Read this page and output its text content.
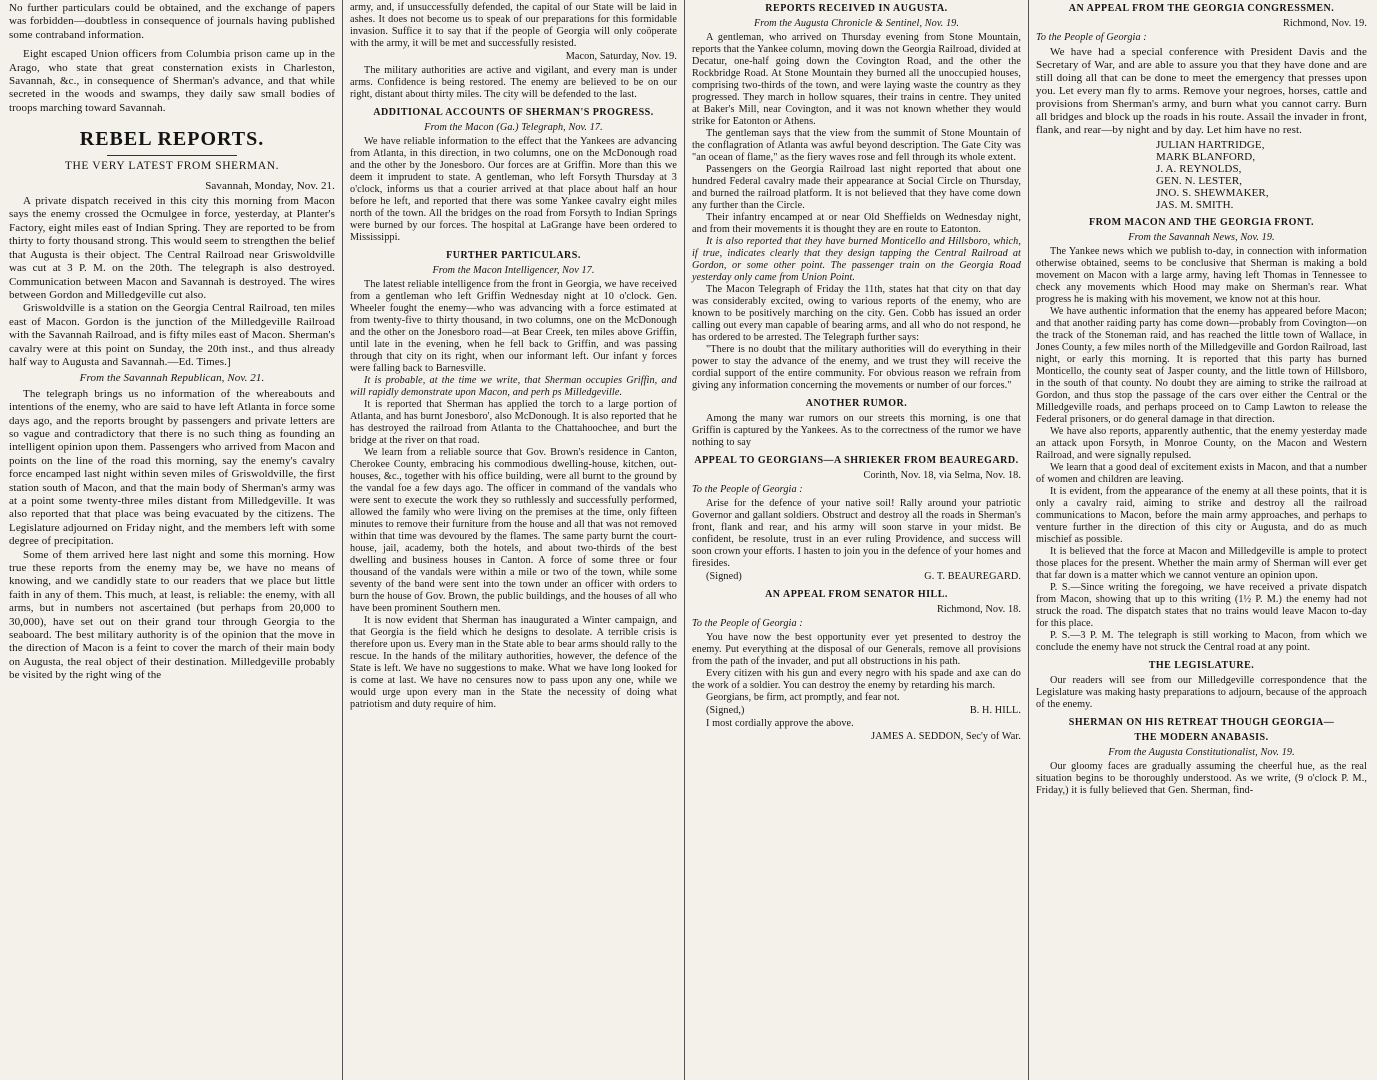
No further particulars could be obtained, and the exchange of papers was forbidden—doubtless in consequence of journals having published some contraband information.

Eight escaped Union officers from Columbia prison came up in the Arago, who state that great consternation exists in Charleston, Savannah, &c., in consequence of Sherman's advance, and that while secreted in the woods and swamps, they daily saw small bodies of troops marching toward Savannah.

REBEL REPORTS.
THE VERY LATEST FROM SHERMAN.
Savannah, Monday, Nov. 21.

A private dispatch received in this city this morning from Macon says the enemy crossed the Ocmulgee in force, yesterday, at Planter's Factory, eight miles east of Indian Spring. They are reported to be from thirty to forty thousand strong. This would seem to strengthen the belief that Augusta is their object. The Central Railroad near Griswoldville was cut at 3 P. M. on the 20th. The telegraph is also destroyed. Communication between Macon and Savannah is destroyed. The wires between Gordon and Milledgeville cut also.

Griswoldville is a station on the Georgia Central Railroad, ten miles east of Macon. Gordon is the junction of the Milledgeville Railroad with the Savannah Railroad, and is fifty miles east of Macon. Sherman's cavalry were at this point on Sunday, the 20th inst., and thus already half way to Augusta and Savannah.—Ed. Times.]

From the Savannah Republican, Nov. 21.

The telegraph brings us no information of the whereabouts and intentions of the enemy, who are said to have left Atlanta in force some days ago, and the reports brought by passengers and private letters are so vague and contradictory that there is no such thing as founding an intelligent opinion upon them. Passengers who arrived from Macon and points on the line of the road this morning, say the enemy's cavalry force encamped last night within seven miles of Griswoldville, the first station south of Macon, and that the main body of Sherman's army was at a point some twenty-three miles distant from Milledgeville. It was also reported that that place was being evacuated by the citizens. The Legislature adjourned on Friday night, and the members left with some degree of precipitation.

Some of them arrived here last night and some this morning. How true these reports from the enemy may be, we have no means of knowing, and we candidly state to our readers that we place but little faith in any of them. This much, at least, is reliable: the enemy, with all arms, but in numbers not ascertained (but perhaps from 20,000 to 30,000), have set out on their grand tour through Georgia to the seaboard. The best military authority is of the opinion that the move in the direction of Macon is a feint to cover the march of their main body on Augusta, the real object of their destination. Milledgeville probably be visited by the right wing of the

army, and, if unsuccessfully defended, the capital of our State will be laid in ashes. It does not become us to speak of our preparations for this formidable invasion. Suffice it to say that if the people of Georgia will only coöperate with the army, it will be met and successfully resisted.

Macon, Saturday, Nov. 19.

The military authorities are active and vigilant, and every man is under arms. Confidence is being restored. The enemy are believed to be on our right, distant about thirty miles. The city will be defended to the last.

ADDITIONAL ACCOUNTS OF SHERMAN'S PROGRESS.
From the Macon (Ga.) Telegraph, Nov. 17.

We have reliable information to the effect that the Yankees are advancing from Atlanta, in this direction, in two columns, one on the McDonough road and the other by the Jonesboro. Our forces are at Griffin. More than this we deem it imprudent to state. A gentleman, who left Forsyth Thursday at 3 o'clock, informs us that a courier arrived at that place about half an hour before he left, and reported that there was some Yankee cavalry eight miles north of the town. All the bridges on the road from Forsyth to Indian Springs were burned by our forces. The hospital at LaGrange have been ordered to Mississippi.

FURTHER PARTICULARS.
From the Macon Intelligencer, Nov 17.

The latest reliable intelligence from the front in Georgia, we have received from a gentleman who left Griffin Wednesday night at 10 o'clock. Gen. Wheeler fought the enemy—who was advancing with a force estimated at from twenty-five to thirty thousand, in two columns, one on the McDonough and the other on the Jonesboro road—at Bear Creek, ten miles above Griffin, until late in the evening, when he fell back to Griffin, and was passing through that city on its right, when our informant left. Our infant y forces were falling back to Barnesville.

It is probable, at the time we write, that Sherman occupies Griffin, and will rapidly demonstrate upon Macon, and perh ps Milledgeville.

It is reported that Sherman has applied the torch to a large portion of Atlanta, and has burnt Jonesboro', also McDonough. It is also reported that he has destroyed the railroad from Atlanta to the Chattahoochee, and burt the bridge at the river on that road.

We learn from a reliable source that Gov. Brown's residence in Canton, Cherokee County, embracing his commodious dwelling-house, kitchen, out-houses, &c., together with his office building, were all burnt to the ground by the vandal foe a few days ago. The officer in command of the vandals who were sent to execute the work they so ruthlessly and successfully performed, allowed the family who were living on the premises at the time, only fifteen minutes to remove their furniture from the house and all that was not removed within that time was devoured by the flames. The same party burnt the court-house, jail, academy, both the hotels, and about two-thirds of the best dwelling and business houses in Canton. A force of some three or four thousand of the vandals were within a mile or two of the town, while some seventy of the band were sent into the town under an officer with orders to burn the house of Gov. Brown, the public buildings, and the houses of all who have been prominent Southern men.

It is now evident that Sherman has inaugurated a Winter campaign, and that Georgia is the field which he designs to desolate. A terrible crisis is therefore upon us. Every man in the State able to bear arms should rally to the rescue. In the hands of the military authorities, however, the defence of the State is left. We have no suggestions to make. What we have long looked for is come at last. We have no censures now to pass upon any one, while we would urge upon every man in the State the necessity of doing what patriotism and duty require of him.

REPORTS RECEIVED IN AUGUSTA.
From the Augusta Chronicle & Sentinel, Nov. 19.

A gentleman, who arrived on Thursday evening from Stone Mountain, reports that the Yankee column, moving down the Georgia Railroad, divided at Decatur, one-half going down the Covington Road, and the other the Rockbridge Road. At Stone Mountain they burned all the unoccupied houses, comprising two-thirds of the town, and were laying waste the country as they progressed. They march in hollow squares, their trains in centre. They united at Baker's Mill, near Covington, and it was not known whether they would strike for Eatonton or Athens.

The gentleman says that the view from the summit of Stone Mountain of the conflagration of Atlanta was awful beyond description. The Gate City was "an ocean of flame," as the fiery waves rose and fell through its whole extent.

Passengers on the Georgia Railroad last night reported that about one hundred Federal cavalry made their appearance at Social Circle on Thursday, and burned the railroad platform. It is not believed that they have come down any further than the Circle.

Their infantry encamped at or near Old Sheffields on Wednesday night, and from their movements it is thought they are en route to Eatonton.

It is also reported that they have burned Monticello and Hillsboro, which, if true, indicates clearly that they design tapping the Central Railroad at Gordon, or some other point. The passenger train on the Georgia Road yesterday only came from Union Point.

The Macon Telegraph of Friday the 11th, states hat that city on that day was considerably excited, owing to various reports of the enemy, who are known to be positively marching on the city. Gen. Cobb has issued an order calling out every man capable of bearing arms, and all who do not respond, he has ordered to be arrested. The Telegraph further says:

"There is no doubt that the military authorities will do everything in their power to stay the advance of the enemy, and we trust they will receive the cordial support of the entire community. For obvious reason we refrain from giving any information concerning the movements or number of our forces."

ANOTHER RUMOR.

Among the many war rumors on our streets this morning, is one that Griffin is captured by the Yankees. As to the correctness of the rumor we have nothing to say

APPEAL TO GEORGIANS—A SHRIEKER FROM BEAUREGARD.
Corinth, Nov. 18, via Selma, Nov. 18.
To the People of Georgia :

Arise for the defence of your native soil! Rally around your patriotic Governor and gallant soldiers. Obstruct and destroy all the roads in Sherman's front, flank and rear, and his army will soon starve in your midst. Be confident, be resolute, trust in an ever ruling Providence, and success will soon crown your efforts. I hasten to join you in the defence of your homes and firesides.

(Signed)	G. T. BEAUREGARD.
AN APPEAL FROM SENATOR HILL.
Richmond, Nov. 18.
To the People of Georgia :

You have now the best opportunity ever yet presented to destroy the enemy. Put everything at the disposal of our Generals, remove all provisions from the path of the invader, and put all obstructions in his path.

Every citizen with his gun and every negro with his spade and axe can do the work of a soldier. You can destroy the enemy by retarding his march.

Georgians, be firm, act promptly, and fear not.

(Signed,)	B. H. HILL.

I most cordially approve the above.

JAMES A. SEDDON, Sec'y of War.
AN APPEAL FROM THE GEORGIA CONGRESSMEN.
Richmond, Nov. 19.
To the People of Georgia :

We have had a special conference with President Davis and the Secretary of War, and are able to assure you that they have done and are still doing all that can be done to meet the emergency that presses upon you. Let every man fly to arms. Remove your negroes, horses, cattle and provisions from Sherman's army, and burn what you cannot carry. Burn all bridges and block up the roads in his route. Assail the invader in front, flank, and rear—by night and by day. Let him have no rest.

JULIAN HARTRIDGE,
MARK BLANFORD,
J. A. REYNOLDS,
GEN. N. LESTER,
JNO. S. SHEWMAKER,
JAS. M. SMITH.
FROM MACON AND THE GEORGIA FRONT.
From the Savannah News, Nov. 19.

The Yankee news which we publish to-day, in connection with information otherwise obtained, seems to be conclusive that Sherman is making a bold movement on Macon with a large army, having left Thomas in Tennessee to check any movements which Hood may make on Sherman's rear. What progress he is making with his movement, we know not at this hour.

We have authentic information that the enemy has appeared before Macon; and that another raiding party has come down—probably from Covington—on the track of the Stoneman raid, and has reached the little town of Wallace, in Jones County, a few miles north of the Milledgeville and Gordon Railroad, last night, or early this morning. It is reported that this party has burned Monticello, the county seat of Jasper county, and the little town of Hillsboro, in the south of that county. No doubt they are aiming to strike the railroad at Gordon, and thus stop the passage of the cars over either the Central or the Milledgeville roads, and perhaps proceed on to Camp Lawton to release the Federal prisoners, or do general damage in that direction.

We have also reports, apparently authentic, that the enemy yesterday made an attack upon Forsyth, in Monroe County, on the Macon and Western Railroad, and were signally repulsed.

We learn that a good deal of excitement exists in Macon, and that a number of women and children are leaving.

It is evident, from the appearance of the enemy at all these points, that it is only a cavalry raid, aiming to strike and destroy all the railroad communications to Macon, before the main army approaches, and perhaps to venture further in the direction of this city or Augusta, and do as much mischief as possible.

It is believed that the force at Macon and Milledgeville is ample to protect those places for the present. Whether the main army of Sherman will ever get that far down is a matter which we cannot venture an opinion upon.

P. S.—Since writing the foregoing, we have received a private dispatch from Macon, showing that up to this writing (1½ P. M.) the enemy had not struck the road. The dispatch states that no trains would leave Macon to-day for this place.

P. S.—3 P. M. The telegraph is still working to Macon, from which we conclude the enemy have not struck the Central road at any point.

THE LEGISLATURE.

Our readers will see from our Milledgeville correspondence that the Legislature was making hasty preparations to adjourn, because of the approach of the enemy.

SHERMAN ON HIS RETREAT THOUGH GEORGIA—
THE MODERN ANABASIS.
From the Augusta Constitutionalist, Nov. 19.

Our gloomy faces are gradually assuming the cheerful hue, as the real situation begins to be thoroughly understood. As we write, (9 o'clock P. M., Friday,) it is fully believed that Gen. Sherman, find-
